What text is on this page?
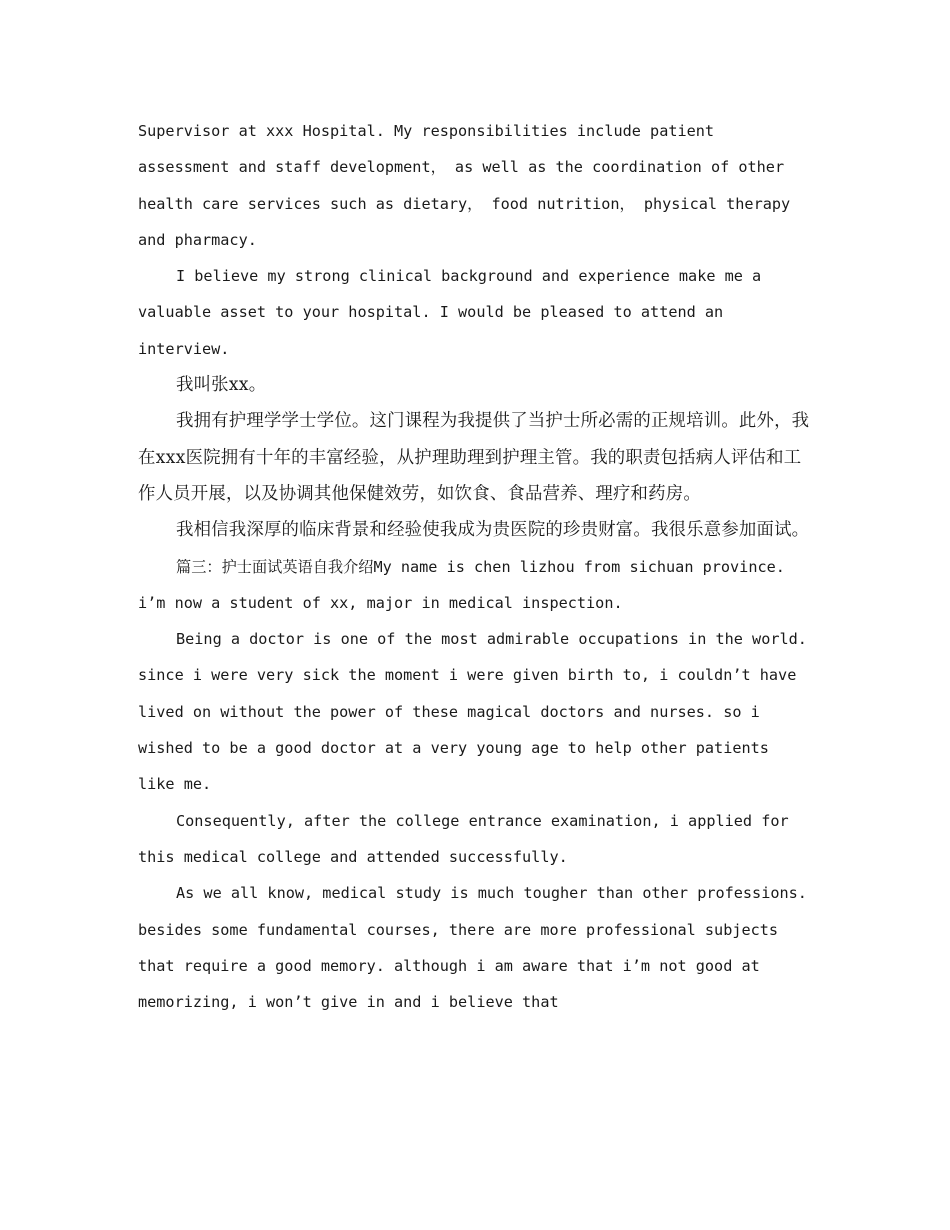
Supervisor at xxx Hospital. My responsibilities include patient assessment and staff development， as well as the coordination of other health care services such as dietary， food nutrition， physical therapy and pharmacy.

I believe my strong clinical background and experience make me a valuable asset to your hospital. I would be pleased to attend an interview.

我叫张xx。

我拥有护理学学士学位。这门课程为我提供了当护士所必需的正规培训。此外，我在xxx医院拥有十年的丰富经验，从护理助理到护理主管。我的职责包括病人评估和工作人员开展，以及协调其他保健效劳，如饮食、食品营养、理疗和药房。

我相信我深厚的临床背景和经验使我成为贵医院的珍贵财富。我很乐意参加面试。

篇三：护士面试英语自我介绍My name is chen lizhou from sichuan province. i’m now a student of xx, major in medical inspection.

Being a doctor is one of the most admirable occupations in the world. since i were very sick the moment i were given birth to, i couldn’t have lived on without the power of these magical doctors and nurses. so i wished to be a good doctor at a very young age to help other patients like me.

Consequently, after the college entrance examination, i applied for this medical college and attended successfully.

As we all know, medical study is much tougher than other professions. besides some fundamental courses, there are more professional subjects that require a good memory. although i am aware that i’m not good at memorizing, i won’t give in and i believe that
